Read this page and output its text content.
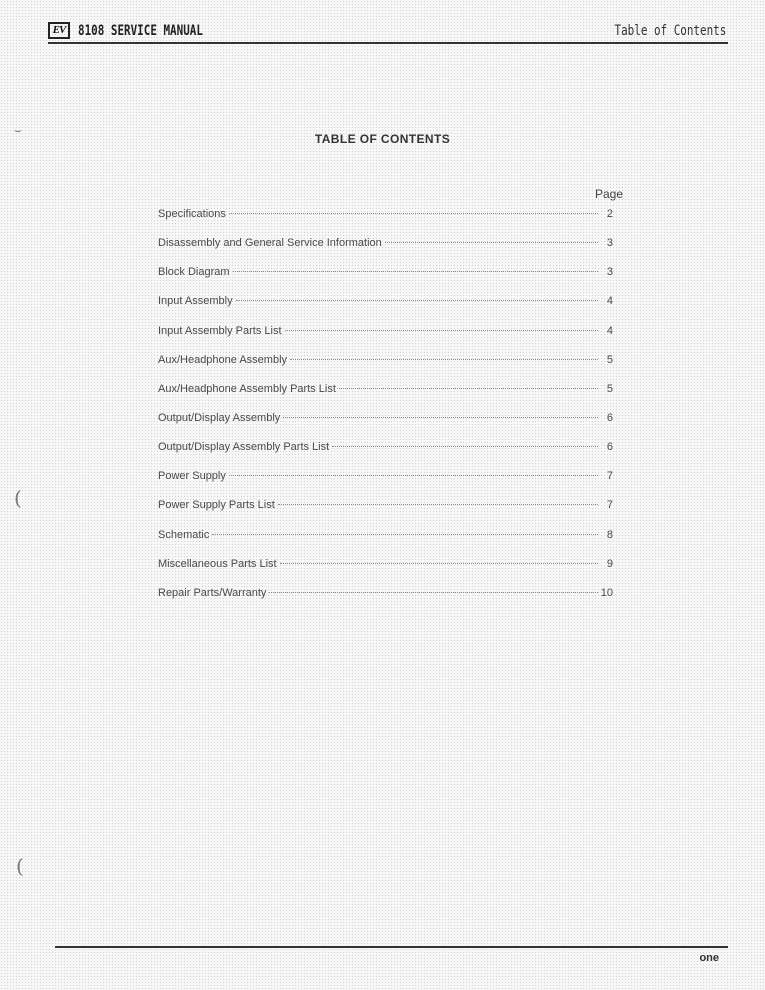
EV 8108 SERVICE MANUAL	Table of Contents
⌣
(
(
TABLE OF CONTENTS
Page
Specifications	2
Disassembly and General Service Information	3
Block Diagram	3
Input Assembly	4
Input Assembly Parts List	4
Aux/Headphone Assembly	5
Aux/Headphone Assembly Parts List	5
Output/Display Assembly	6
Output/Display Assembly Parts List	6
Power Supply	7
Power Supply Parts List	7
Schematic	8
Miscellaneous Parts List	9
Repair Parts/Warranty	10
one
